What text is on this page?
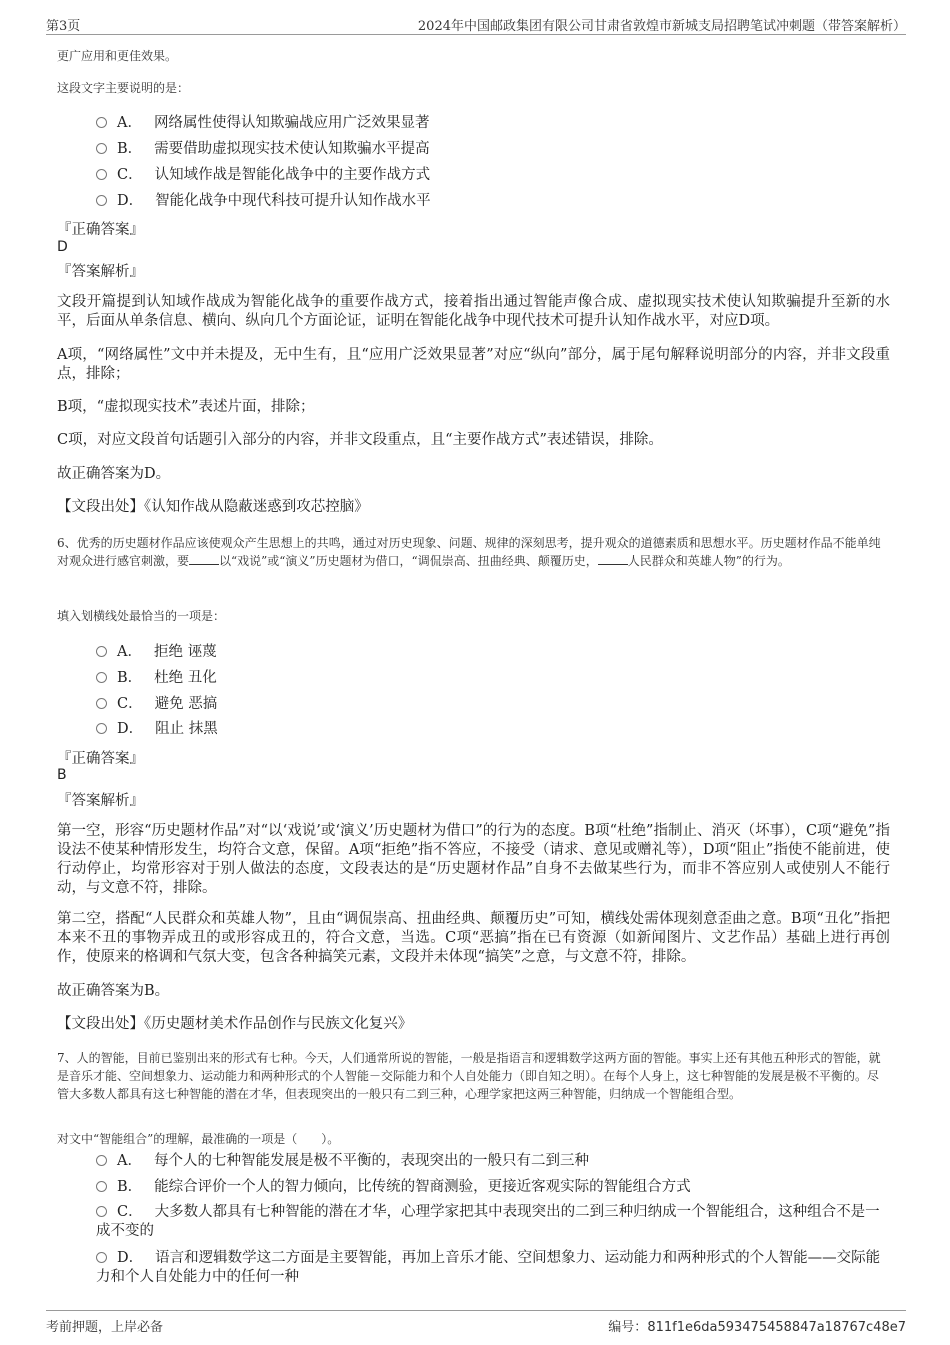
第3页	2024年中国邮政集团有限公司甘肃省敦煌市新城支局招聘笔试冲刺题（带答案解析）

更广应用和更佳效果。

这段文字主要说明的是：

A． 网络属性使得认知欺骗战应用广泛效果显著
B． 需要借助虚拟现实技术使认知欺骗水平提高
C． 认知域作战是智能化战争中的主要作战方式
D． 智能化战争中现代科技可提升认知作战水平

『正确答案』

D

『答案解析』

文段开篇提到认知域作战成为智能化战争的重要作战方式，接着指出通过智能声像合成、虚拟现实技术使认知欺骗提升至新的水平，后面从单条信息、横向、纵向几个方面论证，证明在智能化战争中现代技术可提升认知作战水平，对应D项。

A项，“网络属性”文中并未提及，无中生有，且“应用广泛效果显著”对应“纵向”部分，属于尾句解释说明部分的内容，并非文段重点，排除；

B项，“虚拟现实技术”表述片面，排除；

C项，对应文段首句话题引入部分的内容，并非文段重点，且“主要作战方式”表述错误，排除。

故正确答案为D。

【文段出处】《认知作战从隐蔽迷惑到攻芯控脑》

6、优秀的历史题材作品应该使观众产生思想上的共鸣，通过对历史现象、问题、规律的深刻思考，提升观众的道德素质和思想水平。历史题材作品不能单纯对观众进行感官刺激，要	以“戏说”或“演义”历史题材为借口，“调侃崇高、扭曲经典、颠覆历史，	人民群众和英雄人物”的行为。

填入划横线处最恰当的一项是：

A． 拒绝 诬蔑
B． 杜绝 丑化
C． 避免 恶搞
D． 阻止 抹黑

『正确答案』

B

『答案解析』

第一空，形容“历史题材作品”对“以‘戏说’或‘演义’历史题材为借口”的行为的态度。B项“杜绝”指制止、消灭（坏事），C项“避免”指设法不使某种情形发生，均符合文意，保留。A项“拒绝”指不答应，不接受（请求、意见或赠礼等），D项“阻止”指使不能前进，使行动停止，均常形容对于别人做法的态度，文段表达的是“历史题材作品”自身不去做某些行为，而非不答应别人或使别人不能行动，与文意不符，排除。

第二空，搭配“人民群众和英雄人物”，且由“调侃崇高、扭曲经典、颠覆历史”可知，横线处需体现刻意歪曲之意。B项“丑化”指把本来不丑的事物弄成丑的或形容成丑的，符合文意，当选。C项“恶搞”指在已有资源（如新闻图片、文艺作品）基础上进行再创作，使原来的格调和气氛大变，包含各种搞笑元素，文段并未体现“搞笑”之意，与文意不符，排除。

故正确答案为B。

【文段出处】《历史题材美术作品创作与民族文化复兴》

7、人的智能，目前已鉴别出来的形式有七种。今天，人们通常所说的智能，一般是指语言和逻辑数学这两方面的智能。事实上还有其他五种形式的智能，就是音乐才能、空间想象力、运动能力和两种形式的个人智能－交际能力和个人自处能力（即自知之明）。在每个人身上，这七种智能的发展是极不平衡的。尽管大多数人都具有这七种智能的潜在才华，但表现突出的一般只有二到三种，心理学家把这两三种智能，归纳成一个智能组合型。

对文中“智能组合”的理解，最准确的一项是（　　）。

A． 每个人的七种智能发展是极不平衡的，表现突出的一般只有二到三种
B． 能综合评价一个人的智力倾向，比传统的智商测验，更接近客观实际的智能组合方式
C． 大多数人都具有七种智能的潜在才华，心理学家把其中表现突出的二到三种归纳成一个智能组合，这种组合不是一成不变的
D． 语言和逻辑数学这二方面是主要智能，再加上音乐才能、空间想象力、运动能力和两种形式的个人智能——交际能力和个人自处能力中的任何一种
考前押题，上岸必备	编号：811f1e6da593475458847a18767c48e7
